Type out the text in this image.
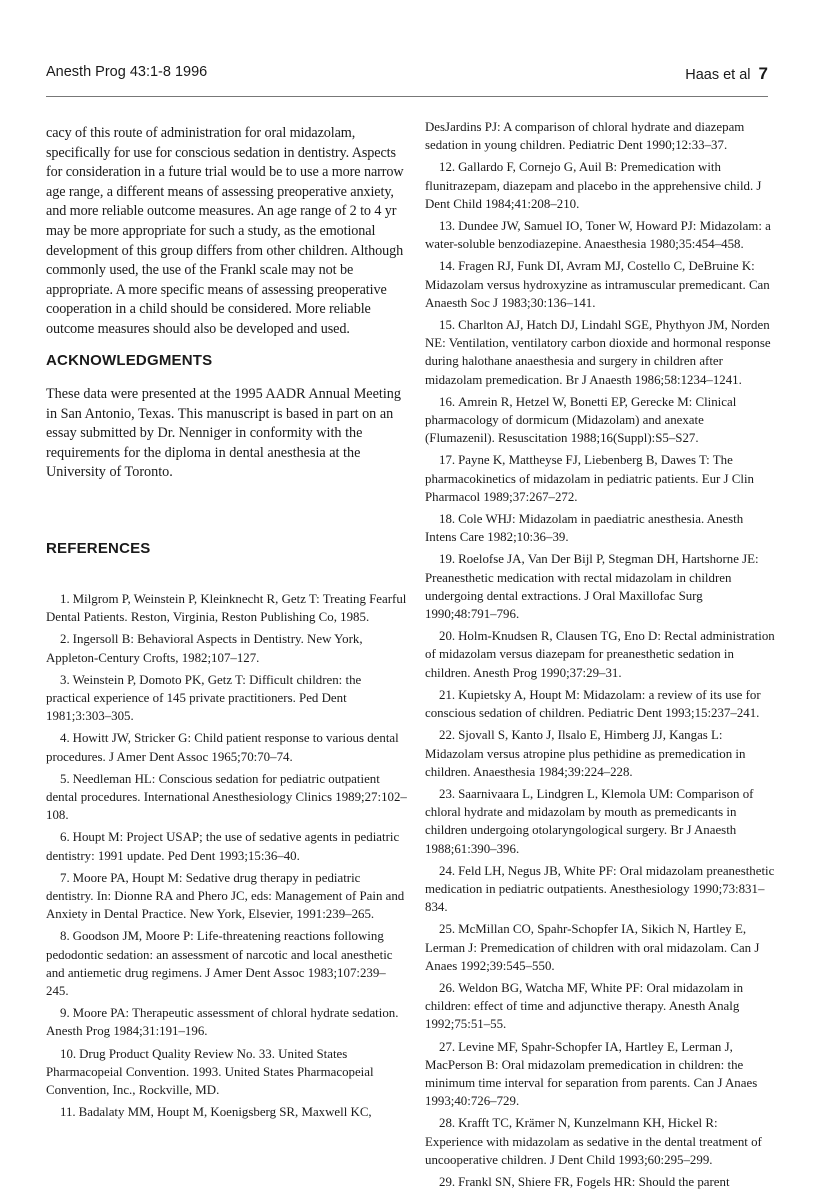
Anesth Prog 43:1-8 1996	Haas et al 7

cacy of this route of administration for oral midazolam, specifically for use for conscious sedation in dentistry. Aspects for consideration in a future trial would be to use a more narrow age range, a different means of assessing preoperative anxiety, and more reliable outcome measures. An age range of 2 to 4 yr may be more appropriate for such a study, as the emotional development of this group differs from other children. Although commonly used, the use of the Frankl scale may not be appropriate. A more specific means of assessing preoperative cooperation in a child should be considered. More reliable outcome measures should also be developed and used.

ACKNOWLEDGMENTS

These data were presented at the 1995 AADR Annual Meeting in San Antonio, Texas. This manuscript is based in part on an essay submitted by Dr. Nenniger in conformity with the requirements for the diploma in dental anesthesia at the University of Toronto.

REFERENCES
1. Milgrom P, Weinstein P, Kleinknecht R, Getz T: Treating Fearful Dental Patients. Reston, Virginia, Reston Publishing Co, 1985.
2. Ingersoll B: Behavioral Aspects in Dentistry. New York, Appleton-Century Crofts, 1982;107–127.
3. Weinstein P, Domoto PK, Getz T: Difficult children: the practical experience of 145 private practitioners. Ped Dent 1981;3:303–305.
4. Howitt JW, Stricker G: Child patient response to various dental procedures. J Amer Dent Assoc 1965;70:70–74.
5. Needleman HL: Conscious sedation for pediatric outpatient dental procedures. International Anesthesiology Clinics 1989;27:102–108.
6. Houpt M: Project USAP; the use of sedative agents in pediatric dentistry: 1991 update. Ped Dent 1993;15:36–40.
7. Moore PA, Houpt M: Sedative drug therapy in pediatric dentistry. In: Dionne RA and Phero JC, eds: Management of Pain and Anxiety in Dental Practice. New York, Elsevier, 1991:239–265.
8. Goodson JM, Moore P: Life-threatening reactions following pedodontic sedation: an assessment of narcotic and local anesthetic and antiemetic drug regimens. J Amer Dent Assoc 1983;107:239–245.
9. Moore PA: Therapeutic assessment of chloral hydrate sedation. Anesth Prog 1984;31:191–196.
10. Drug Product Quality Review No. 33. United States Pharmacopeial Convention. 1993. United States Pharmacopeial Convention, Inc., Rockville, MD.
11. Badalaty MM, Houpt M, Koenigsberg SR, Maxwell KC,
DesJardins PJ: A comparison of chloral hydrate and diazepam sedation in young children. Pediatric Dent 1990;12:33–37.
12. Gallardo F, Cornejo G, Auil B: Premedication with flunitrazepam, diazepam and placebo in the apprehensive child. J Dent Child 1984;41:208–210.
13. Dundee JW, Samuel IO, Toner W, Howard PJ: Midazolam: a water-soluble benzodiazepine. Anaesthesia 1980;35:454–458.
14. Fragen RJ, Funk DI, Avram MJ, Costello C, DeBruine K: Midazolam versus hydroxyzine as intramuscular premedicant. Can Anaesth Soc J 1983;30:136–141.
15. Charlton AJ, Hatch DJ, Lindahl SGE, Phythyon JM, Norden NE: Ventilation, ventilatory carbon dioxide and hormonal response during halothane anaesthesia and surgery in children after midazolam premedication. Br J Anaesth 1986;58:1234–1241.
16. Amrein R, Hetzel W, Bonetti EP, Gerecke M: Clinical pharmacology of dormicum (Midazolam) and anexate (Flumazenil). Resuscitation 1988;16(Suppl):S5–S27.
17. Payne K, Mattheyse FJ, Liebenberg B, Dawes T: The pharmacokinetics of midazolam in pediatric patients. Eur J Clin Pharmacol 1989;37:267–272.
18. Cole WHJ: Midazolam in paediatric anesthesia. Anesth Intens Care 1982;10:36–39.
19. Roelofse JA, Van Der Bijl P, Stegman DH, Hartshorne JE: Preanesthetic medication with rectal midazolam in children undergoing dental extractions. J Oral Maxillofac Surg 1990;48:791–796.
20. Holm-Knudsen R, Clausen TG, Eno D: Rectal administration of midazolam versus diazepam for preanesthetic sedation in children. Anesth Prog 1990;37:29–31.
21. Kupietsky A, Houpt M: Midazolam: a review of its use for conscious sedation of children. Pediatric Dent 1993;15:237–241.
22. Sjovall S, Kanto J, Ilsalo E, Himberg JJ, Kangas L: Midazolam versus atropine plus pethidine as premedication in children. Anaesthesia 1984;39:224–228.
23. Saarnivaara L, Lindgren L, Klemola UM: Comparison of chloral hydrate and midazolam by mouth as premedicants in children undergoing otolaryngological surgery. Br J Anaesth 1988;61:390–396.
24. Feld LH, Negus JB, White PF: Oral midazolam preanesthetic medication in pediatric outpatients. Anesthesiology 1990;73:831–834.
25. McMillan CO, Spahr-Schopfer IA, Sikich N, Hartley E, Lerman J: Premedication of children with oral midazolam. Can J Anaes 1992;39:545–550.
26. Weldon BG, Watcha MF, White PF: Oral midazolam in children: effect of time and adjunctive therapy. Anesth Analg 1992;75:51–55.
27. Levine MF, Spahr-Schopfer IA, Hartley E, Lerman J, MacPerson B: Oral midazolam premedication in children: the minimum time interval for separation from parents. Can J Anaes 1993;40:726–729.
28. Krafft TC, Krämer N, Kunzelmann KH, Hickel R: Experience with midazolam as sedative in the dental treatment of uncooperative children. J Dent Child 1993;60:295–299.
29. Frankl SN, Shiere FR, Fogels HR: Should the parent
